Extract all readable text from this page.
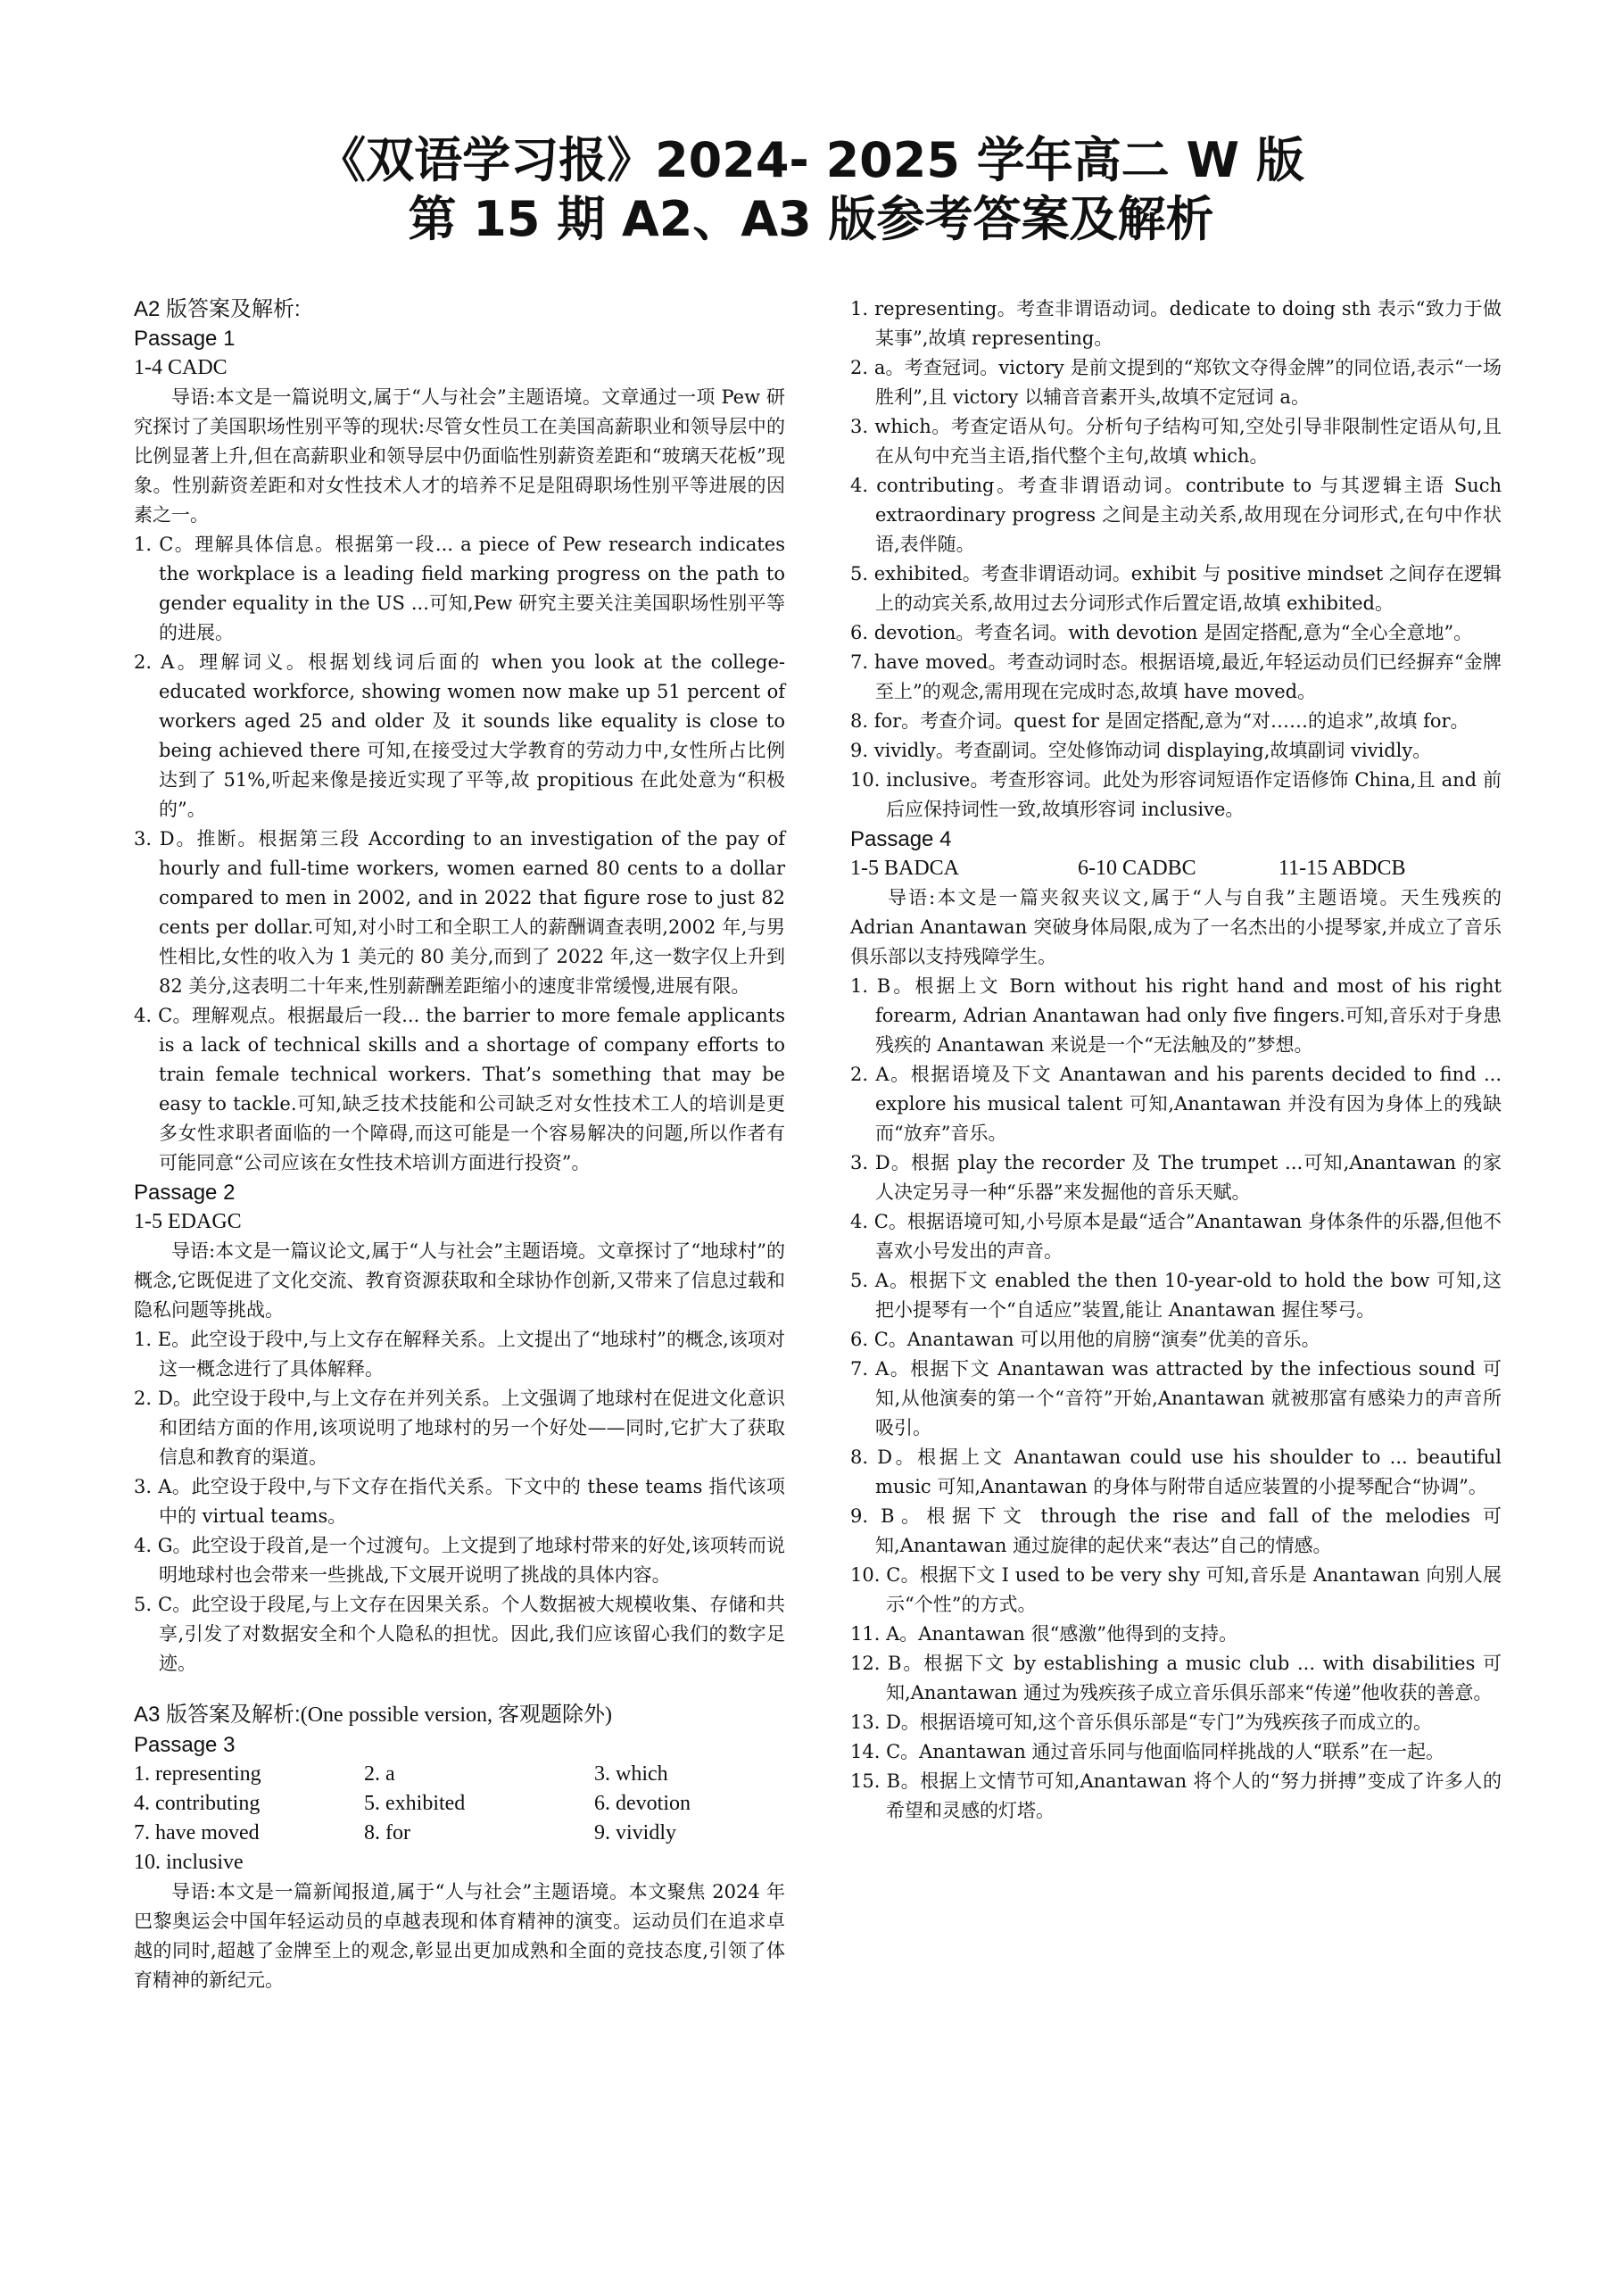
《双语学习报》2024- 2025 学年高二 W 版
第 15 期 A2、A3 版参考答案及解析

A2 版答案及解析:

Passage 1

1-4 CADC

导语:本文是一篇说明文,属于“人与社会”主题语境。文章通过一项 Pew 研究探讨了美国职场性别平等的现状:尽管女性员工在美国高薪职业和领导层中的比例显著上升,但在高薪职业和领导层中仍面临性别薪资差距和“玻璃天花板”现象。性别薪资差距和对女性技术人才的培养不足是阻碍职场性别平等进展的因素之一。

1. C。理解具体信息。根据第一段... a piece of Pew research indicates the workplace is a leading field marking progress on the path to gender equality in the US ...可知,Pew 研究主要关注美国职场性别平等的进展。

2. A。理解词义。根据划线词后面的 when you look at the college-educated workforce, showing women now make up 51 percent of workers aged 25 and older 及 it sounds like equality is close to being achieved there 可知,在接受过大学教育的劳动力中,女性所占比例达到了 51%,听起来像是接近实现了平等,故 propitious 在此处意为“积极的”。

3. D。推断。根据第三段 According to an investigation of the pay of hourly and full-time workers, women earned 80 cents to a dollar compared to men in 2002, and in 2022 that figure rose to just 82 cents per dollar.可知,对小时工和全职工人的薪酬调查表明,2002 年,与男性相比,女性的收入为 1 美元的 80 美分,而到了 2022 年,这一数字仅上升到 82 美分,这表明二十年来,性别薪酬差距缩小的速度非常缓慢,进展有限。

4. C。理解观点。根据最后一段... the barrier to more female applicants is a lack of technical skills and a shortage of company efforts to train female technical workers. That’s something that may be easy to tackle.可知,缺乏技术技能和公司缺乏对女性技术工人的培训是更多女性求职者面临的一个障碍,而这可能是一个容易解决的问题,所以作者有可能同意“公司应该在女性技术培训方面进行投资”。

Passage 2

1-5 EDAGC

导语:本文是一篇议论文,属于“人与社会”主题语境。文章探讨了“地球村”的概念,它既促进了文化交流、教育资源获取和全球协作创新,又带来了信息过载和隐私问题等挑战。

1. E。此空设于段中,与上文存在解释关系。上文提出了“地球村”的概念,该项对这一概念进行了具体解释。

2. D。此空设于段中,与上文存在并列关系。上文强调了地球村在促进文化意识和团结方面的作用,该项说明了地球村的另一个好处——同时,它扩大了获取信息和教育的渠道。

3. A。此空设于段中,与下文存在指代关系。下文中的 these teams 指代该项中的 virtual teams。

4. G。此空设于段首,是一个过渡句。上文提到了地球村带来的好处,该项转而说明地球村也会带来一些挑战,下文展开说明了挑战的具体内容。

5. C。此空设于段尾,与上文存在因果关系。个人数据被大规模收集、存储和共享,引发了对数据安全和个人隐私的担忧。因此,我们应该留心我们的数字足迹。

A3 版答案及解析:(One possible version, 客观题除外)

Passage 3

1. representing	2. a	3. which
4. contributing	5. exhibited	6. devotion
7. have moved	8. for	9. vividly
10. inclusive

导语:本文是一篇新闻报道,属于“人与社会”主题语境。本文聚焦 2024 年巴黎奥运会中国年轻运动员的卓越表现和体育精神的演变。运动员们在追求卓越的同时,超越了金牌至上的观念,彰显出更加成熟和全面的竞技态度,引领了体育精神的新纪元。

1. representing。考查非谓语动词。dedicate to doing sth 表示“致力于做某事”,故填 representing。

2. a。考查冠词。victory 是前文提到的“郑钦文夺得金牌”的同位语,表示“一场胜利”,且 victory 以辅音音素开头,故填不定冠词 a。

3. which。考查定语从句。分析句子结构可知,空处引导非限制性定语从句,且在从句中充当主语,指代整个主句,故填 which。

4. contributing。考查非谓语动词。contribute to 与其逻辑主语 Such extraordinary progress 之间是主动关系,故用现在分词形式,在句中作状语,表伴随。

5. exhibited。考查非谓语动词。exhibit 与 positive mindset 之间存在逻辑上的动宾关系,故用过去分词形式作后置定语,故填 exhibited。

6. devotion。考查名词。with devotion 是固定搭配,意为“全心全意地”。

7. have moved。考查动词时态。根据语境,最近,年轻运动员们已经摒弃“金牌至上”的观念,需用现在完成时态,故填 have moved。

8. for。考查介词。quest for 是固定搭配,意为“对……的追求”,故填 for。

9. vividly。考查副词。空处修饰动词 displaying,故填副词 vividly。

10. inclusive。考查形容词。此处为形容词短语作定语修饰 China,且 and 前后应保持词性一致,故填形容词 inclusive。

Passage 4

1-5 BADCA	6-10 CADBC	11-15 ABDCB

导语:本文是一篇夹叙夹议文,属于“人与自我”主题语境。天生残疾的 Adrian Anantawan 突破身体局限,成为了一名杰出的小提琴家,并成立了音乐俱乐部以支持残障学生。

1. B。根据上文 Born without his right hand and most of his right forearm, Adrian Anantawan had only five fingers.可知,音乐对于身患残疾的 Anantawan 来说是一个“无法触及的”梦想。

2. A。根据语境及下文 Anantawan and his parents decided to find ... explore his musical talent 可知,Anantawan 并没有因为身体上的残缺而“放弃”音乐。

3. D。根据 play the recorder 及 The trumpet ...可知,Anantawan 的家人决定另寻一种“乐器”来发掘他的音乐天赋。

4. C。根据语境可知,小号原本是最“适合”Anantawan 身体条件的乐器,但他不喜欢小号发出的声音。

5. A。根据下文 enabled the then 10-year-old to hold the bow 可知,这把小提琴有一个“自适应”装置,能让 Anantawan 握住琴弓。

6. C。Anantawan 可以用他的肩膀“演奏”优美的音乐。

7. A。根据下文 Anantawan was attracted by the infectious sound 可知,从他演奏的第一个“音符”开始,Anantawan 就被那富有感染力的声音所吸引。

8. D。根据上文 Anantawan could use his shoulder to ... beautiful music 可知,Anantawan 的身体与附带自适应装置的小提琴配合“协调”。

9. B。根据下文 through the rise and fall of the melodies 可知,Anantawan 通过旋律的起伏来“表达”自己的情感。

10. C。根据下文 I used to be very shy 可知,音乐是 Anantawan 向别人展示“个性”的方式。

11. A。Anantawan 很“感激”他得到的支持。

12. B。根据下文 by establishing a music club ... with disabilities 可知,Anantawan 通过为残疾孩子成立音乐俱乐部来“传递”他收获的善意。

13. D。根据语境可知,这个音乐俱乐部是“专门”为残疾孩子而成立的。

14. C。Anantawan 通过音乐同与他面临同样挑战的人“联系”在一起。

15. B。根据上文情节可知,Anantawan 将个人的“努力拼搏”变成了许多人的希望和灵感的灯塔。
